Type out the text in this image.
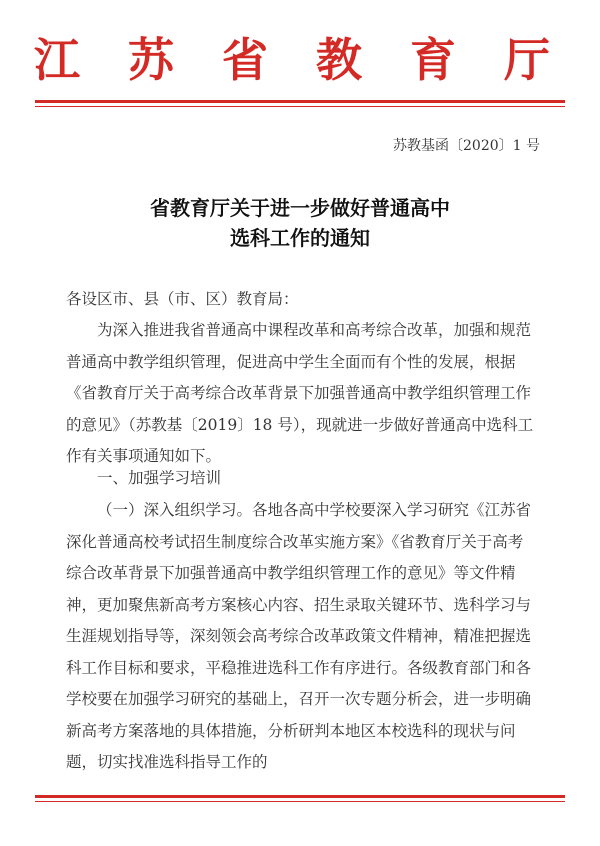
江 苏 省 教 育 厅
苏教基函〔2020〕1 号
省教育厅关于进一步做好普通高中
选科工作的通知
各设区市、县（市、区）教育局：

为深入推进我省普通高中课程改革和高考综合改革，加强和规范普通高中教学组织管理，促进高中学生全面而有个性的发展，根据《省教育厅关于高考综合改革背景下加强普通高中教学组织管理工作的意见》（苏教基〔2019〕18 号），现就进一步做好普通高中选科工作有关事项通知如下。

一、加强学习培训

（一）深入组织学习。各地各高中学校要深入学习研究《江苏省深化普通高校考试招生制度综合改革实施方案》《省教育厅关于高考综合改革背景下加强普通高中教学组织管理工作的意见》等文件精神，更加聚焦新高考方案核心内容、招生录取关键环节、选科学习与生涯规划指导等，深刻领会高考综合改革政策文件精神，精准把握选科工作目标和要求，平稳推进选科工作有序进行。各级教育部门和各学校要在加强学习研究的基础上，召开一次专题分析会，进一步明确新高考方案落地的具体措施，分析研判本地区本校选科的现状与问题，切实找准选科指导工作的
